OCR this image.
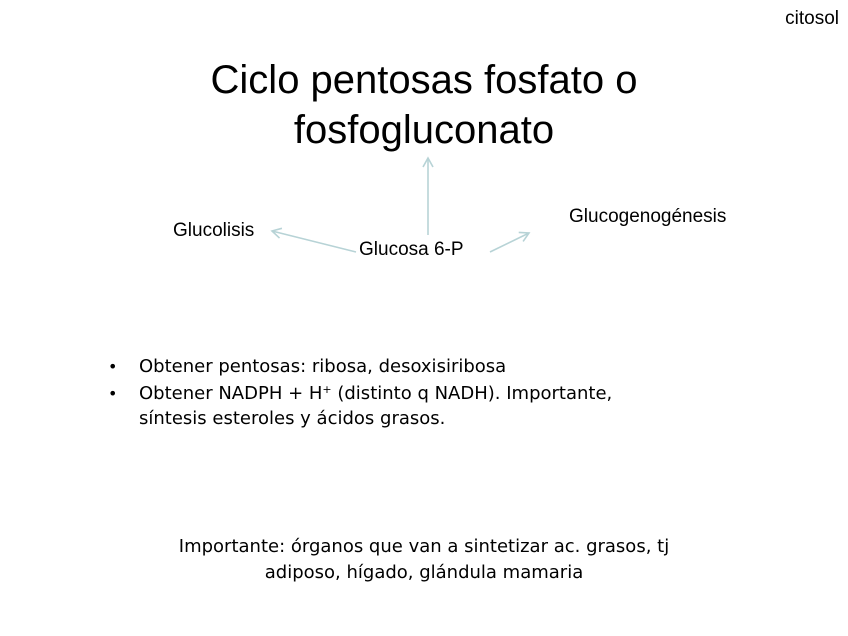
citosol
Ciclo pentosas fosfato o
fosfogluconato
Glucolisis
Glucosa 6-P
Glucogenogénesis
• Obtener pentosas: ribosa, desoxisiribosa
• Obtener NADPH + H+ (distinto q NADH). Importante,
síntesis esteroles y ácidos grasos.
Importante: órganos que van a sintetizar ac. grasos, tj
adiposo, hígado, glándula mamaria
